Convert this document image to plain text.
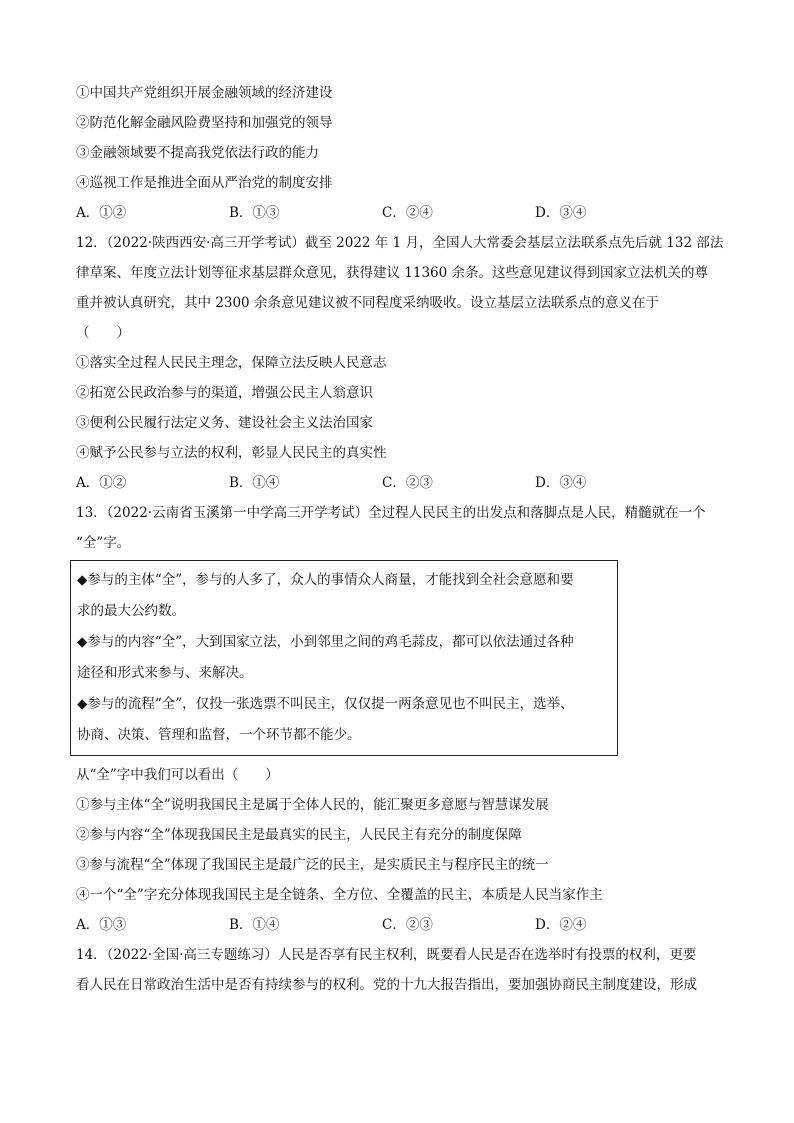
①中国共产党组织开展金融领域的经济建设
②防范化解金融风险费坚持和加强党的领导
③金融领域要不提高我党依法行政的能力
④巡视工作是推进全面从严治党的制度安排
A．①②	B．①③	C．②④	D．③④
12．（2022·陕西西安·高三开学考试）截至 2022 年 1 月，全国人大常委会基层立法联系点先后就 132 部法
律草案、年度立法计划等征求基层群众意见，获得建议 11360 余条。这些意见建议得到国家立法机关的尊
重并被认真研究，其中 2300 余条意见建议被不同程度采纳吸收。设立基层立法联系点的意义在于
（　　）
①落实全过程人民民主理念，保障立法反映人民意志
②拓宽公民政治参与的渠道，增强公民主人翁意识
③便利公民履行法定义务、建设社会主义法治国家
④赋予公民参与立法的权利，彰显人民民主的真实性
A．①②	B．①④	C．②③	D．③④
13．（2022·云南省玉溪第一中学高三开学考试）全过程人民民主的出发点和落脚点是人民，精髓就在一个
“全”字。
◆参与的主体“全”，参与的人多了，众人的事情众人商量，才能找到全社会意愿和要
求的最大公约数。
◆参与的内容“全”，大到国家立法，小到邻里之间的鸡毛蒜皮，都可以依法通过各种
途径和形式来参与、来解决。
◆参与的流程“全”，仅投一张选票不叫民主，仅仅提一两条意见也不叫民主，选举、
协商、决策、管理和监督，一个环节都不能少。
从“全”字中我们可以看出（　　）
①参与主体“全”说明我国民主是属于全体人民的，能汇聚更多意愿与智慧谋发展
②参与内容“全”体现我国民主是最真实的民主，人民民主有充分的制度保障
③参与流程“全”体现了我国民主是最广泛的民主，是实质民主与程序民主的统一
④一个“全”字充分体现我国民主是全链条、全方位、全覆盖的民主，本质是人民当家作主
A．①③	B．①④	C．②③	D．②④
14．（2022·全国·高三专题练习）人民是否享有民主权利，既要看人民是否在选举时有投票的权利，更要
看人民在日常政治生活中是否有持续参与的权利。党的十九大报告指出，要加强协商民主制度建设，形成
